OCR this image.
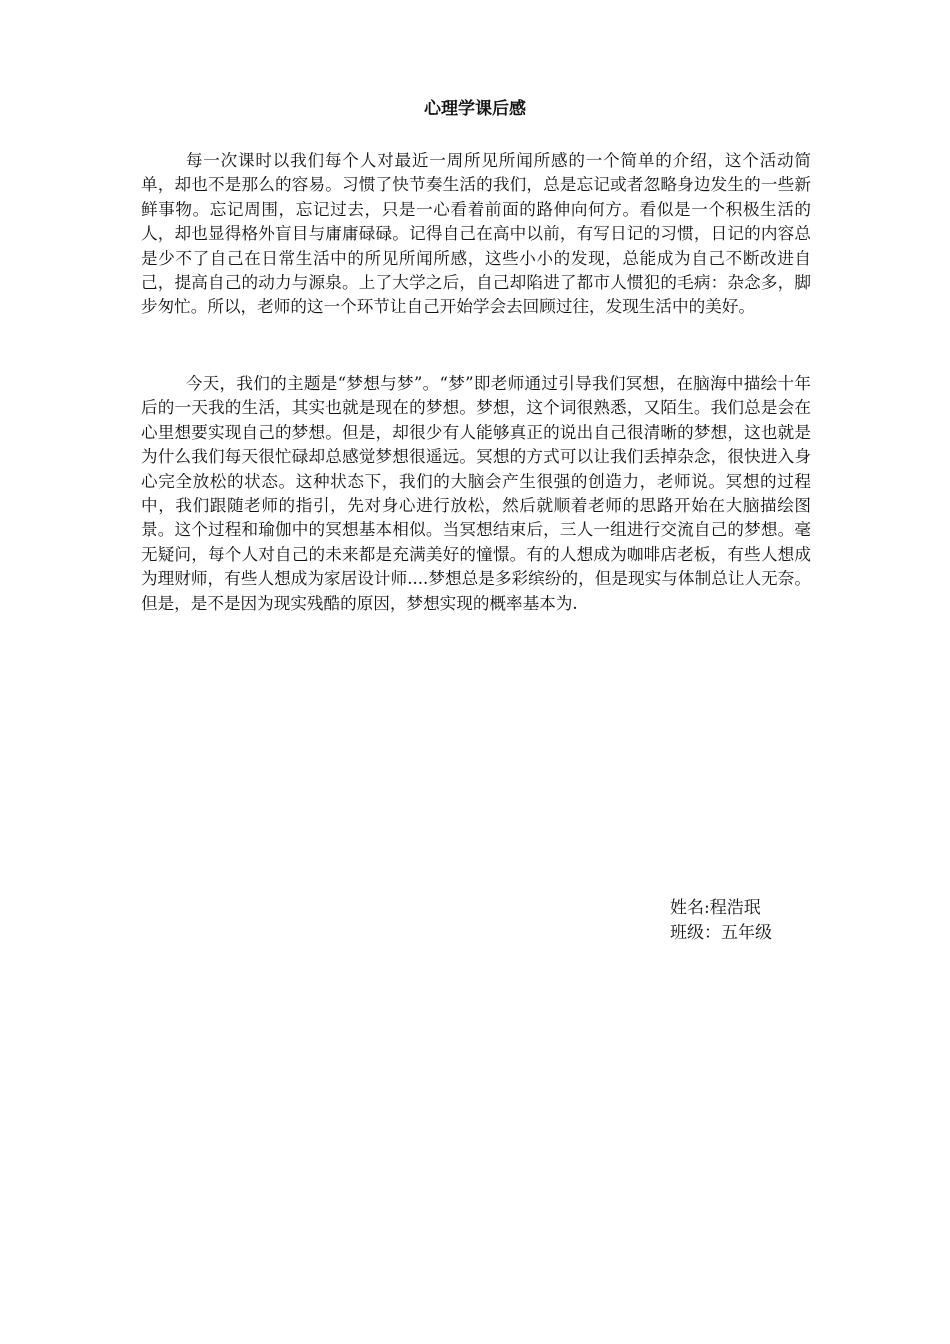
心理学课后感

每一次课时以我们每个人对最近一周所见所闻所感的一个简单的介绍，这个活动简单，却也不是那么的容易。习惯了快节奏生活的我们，总是忘记或者忽略身边发生的一些新鲜事物。忘记周围，忘记过去，只是一心看着前面的路伸向何方。看似是一个积极生活的人，却也显得格外盲目与庸庸碌碌。记得自己在高中以前，有写日记的习惯，日记的内容总是少不了自己在日常生活中的所见所闻所感，这些小小的发现，总能成为自己不断改进自己，提高自己的动力与源泉。上了大学之后，自己却陷进了都市人惯犯的毛病：杂念多，脚步匆忙。所以，老师的这一个环节让自己开始学会去回顾过往，发现生活中的美好。

今天，我们的主题是“梦想与梦”。“梦”即老师通过引导我们冥想，在脑海中描绘十年后的一天我的生活，其实也就是现在的梦想。梦想，这个词很熟悉，又陌生。我们总是会在心里想要实现自己的梦想。但是，却很少有人能够真正的说出自己很清晰的梦想，这也就是为什么我们每天很忙碌却总感觉梦想很遥远。冥想的方式可以让我们丢掉杂念，很快进入身心完全放松的状态。这种状态下，我们的大脑会产生很强的创造力，老师说。冥想的过程中，我们跟随老师的指引，先对身心进行放松，然后就顺着老师的思路开始在大脑描绘图景。这个过程和瑜伽中的冥想基本相似。当冥想结束后，三人一组进行交流自己的梦想。毫无疑问，每个人对自己的未来都是充满美好的憧憬。有的人想成为咖啡店老板，有些人想成为理财师，有些人想成为家居设计师....梦想总是多彩缤纷的，但是现实与体制总让人无奈。但是，是不是因为现实残酷的原因，梦想实现的概率基本为.

姓名:程浩珉
班级：五年级
